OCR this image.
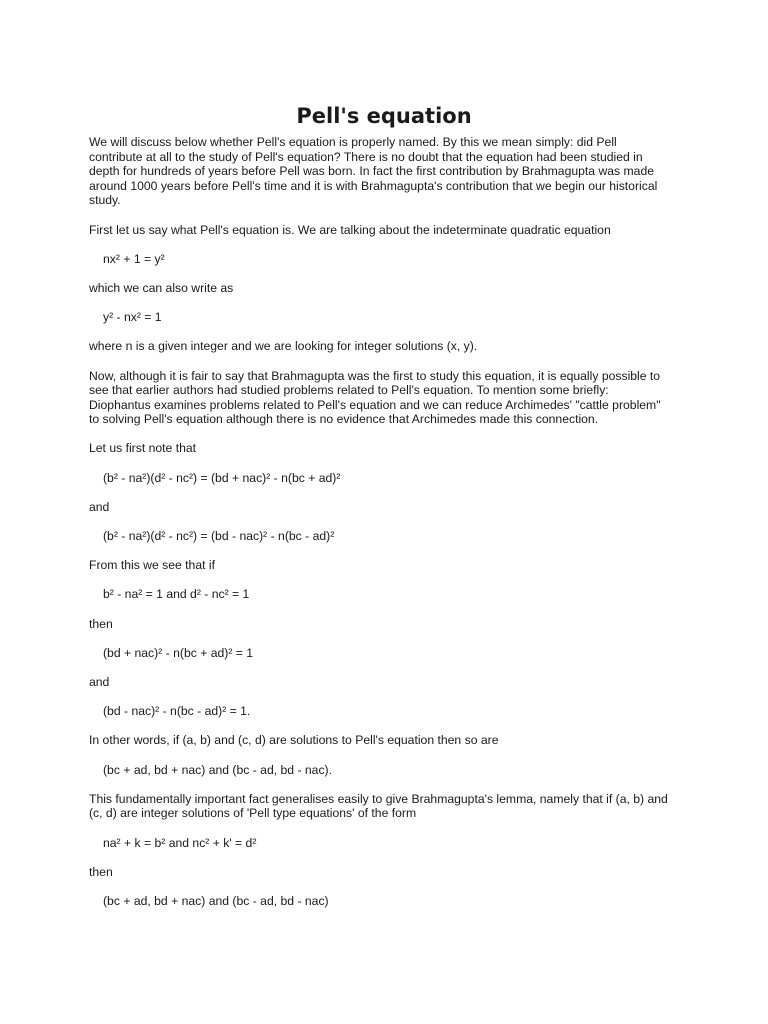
Pell's equation

We will discuss below whether Pell's equation is properly named. By this we mean simply: did Pell
contribute at all to the study of Pell's equation? There is no doubt that the equation had been studied in
depth for hundreds of years before Pell was born. In fact the first contribution by Brahmagupta was made
around 1000 years before Pell's time and it is with Brahmagupta's contribution that we begin our historical
study.

First let us say what Pell's equation is. We are talking about the indeterminate quadratic equation

nx² + 1 = y²

which we can also write as

y² - nx² = 1

where n is a given integer and we are looking for integer solutions (x, y).

Now, although it is fair to say that Brahmagupta was the first to study this equation, it is equally possible to
see that earlier authors had studied problems related to Pell's equation. To mention some briefly:
Diophantus examines problems related to Pell's equation and we can reduce Archimedes' "cattle problem"
to solving Pell's equation although there is no evidence that Archimedes made this connection.

Let us first note that

(b² - na²)(d² - nc²) = (bd + nac)² - n(bc + ad)²

and

(b² - na²)(d² - nc²) = (bd - nac)² - n(bc - ad)²

From this we see that if

b² - na² = 1 and d² - nc² = 1

then

(bd + nac)² - n(bc + ad)² = 1

and

(bd - nac)² - n(bc - ad)² = 1.

In other words, if (a, b) and (c, d) are solutions to Pell's equation then so are

(bc + ad, bd + nac) and (bc - ad, bd - nac).

This fundamentally important fact generalises easily to give Brahmagupta's lemma, namely that if (a, b) and
(c, d) are integer solutions of 'Pell type equations' of the form

na² + k = b² and nc² + k' = d²

then

(bc + ad, bd + nac) and (bc - ad, bd - nac)
